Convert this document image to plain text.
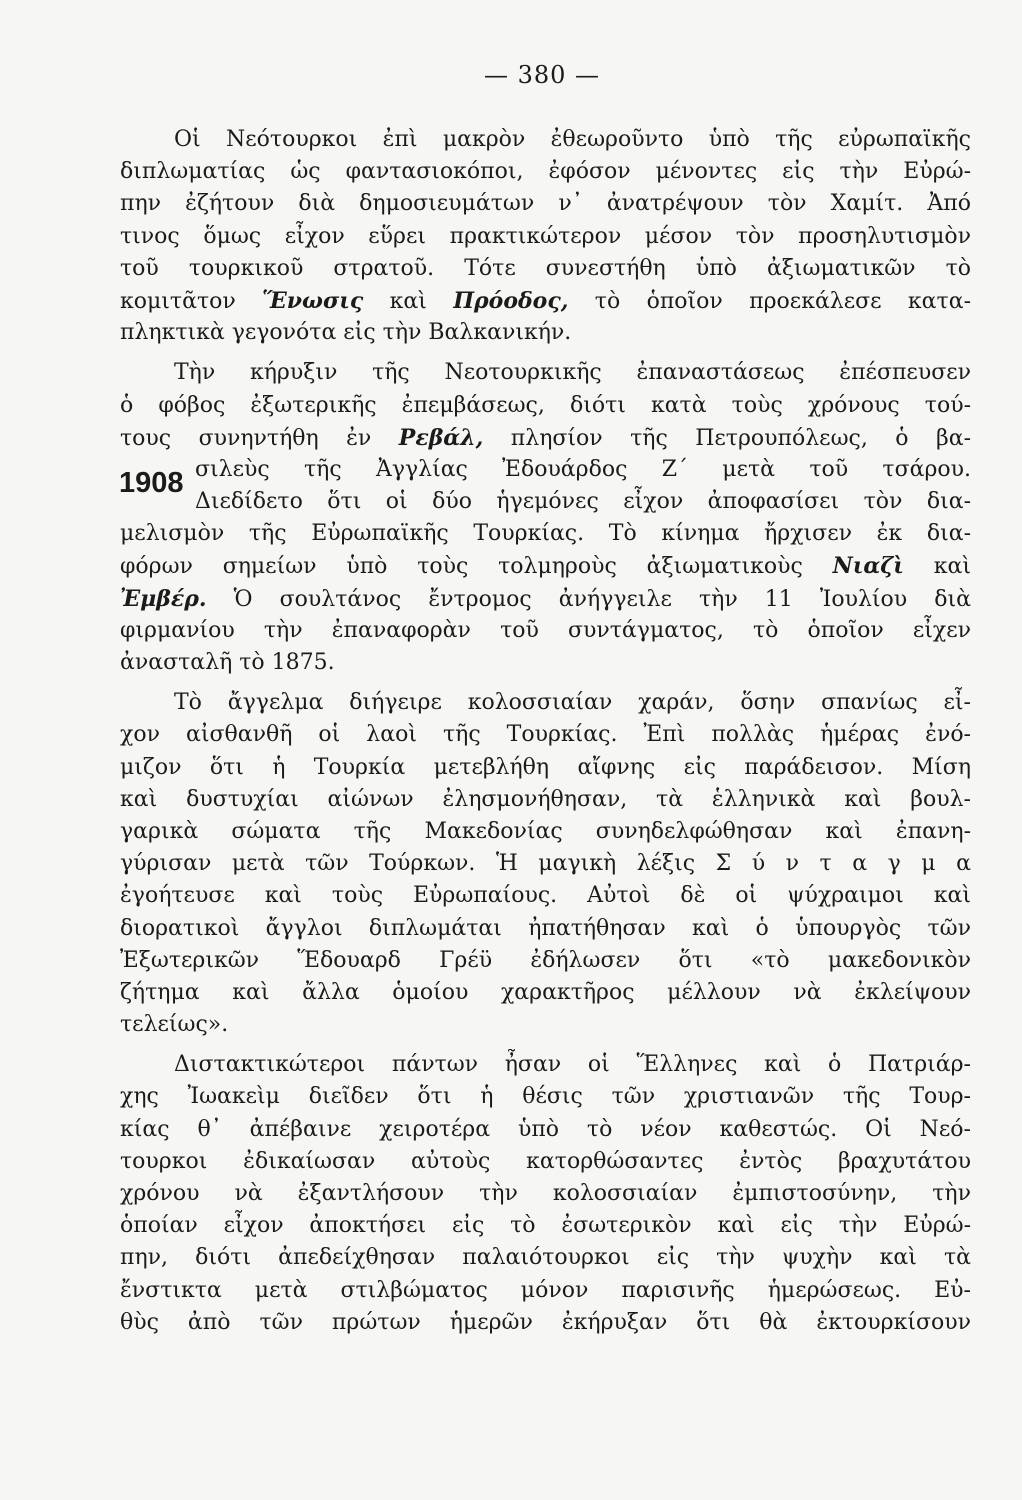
— 380 —
1908
Οἱ Νεότουρκοι ἐπὶ μακρὸν ἐθεωροῦντο ὑπὸ τῆς εὐρωπαϊκῆς
διπλωματίας ὡς φαντασιοκόποι, ἐφόσον μένοντες εἰς τὴν Εὐρώ-
πην ἐζήτουν διὰ δημοσιευμάτων ν᾿ ἀνατρέψουν τὸν Χαμίτ. Ἀπό
τινος ὅμως εἶχον εὕρει πρακτικώτερον μέσον τὸν προσηλυτισμὸν
τοῦ τουρκικοῦ στρατοῦ. Τότε συνεστήθη ὑπὸ ἀξιωματικῶν τὸ
κομιτᾶτον Ἕνωσις καὶ Πρόοδος, τὸ ὁποῖον προεκάλεσε κατα-
πληκτικὰ γεγονότα εἰς τὴν Βαλκανικήν.
Τὴν κήρυξιν τῆς Νεοτουρκικῆς ἐπαναστάσεως ἐπέσπευσεν
ὁ φόβος ἐξωτερικῆς ἐπεμβάσεως, διότι κατὰ τοὺς χρόνους τού-
τους συνηντήθη ἐν Ρεβάλ, πλησίον τῆς Πετρουπόλεως, ὁ βα-
σιλεὺς τῆς Ἀγγλίας Ἐδουάρδος Ζ΄ μετὰ τοῦ τσάρου.
Διεδίδετο ὅτι οἱ δύο ἡγεμόνες εἶχον ἀποφασίσει τὸν δια-
μελισμὸν τῆς Εὐρωπαϊκῆς Τουρκίας. Τὸ κίνημα ἤρχισεν ἐκ δια-
φόρων σημείων ὑπὸ τοὺς τολμηροὺς ἀξιωματικοὺς Νιαζὶ καὶ
Ἐμβέρ. Ὁ σουλτάνος ἔντρομος ἀνήγγειλε τὴν 11 Ἰουλίου διὰ
φιρμανίου τὴν ἐπαναφορὰν τοῦ συντάγματος, τὸ ὁποῖον εἶχεν
ἀνασταλῆ τὸ 1875.
Τὸ ἄγγελμα διήγειρε κολοσσιαίαν χαράν, ὅσην σπανίως εἶ-
χον αἰσθανθῆ οἱ λαοὶ τῆς Τουρκίας. Ἐπὶ πολλὰς ἡμέρας ἐνό-
μιζον ὅτι ἡ Τουρκία μετεβλήθη αἴφνης εἰς παράδεισον. Μίση
καὶ δυστυχίαι αἰώνων ἐλησμονήθησαν, τὰ ἑλληνικὰ καὶ βουλ-
γαρικὰ σώματα τῆς Μακεδονίας συνηδελφώθησαν καὶ ἐπανη-
γύρισαν μετὰ τῶν Τούρκων. Ἡ μαγικὴ λέξις Σ ύ ν τ α γ μ α
ἐγοήτευσε καὶ τοὺς Εὐρωπαίους. Αὐτοὶ δὲ οἱ ψύχραιμοι καὶ
διορατικοὶ ἄγγλοι διπλωμάται ἠπατήθησαν καὶ ὁ ὑπουργὸς τῶν
Ἐξωτερικῶν Ἕδουαρδ Γρέϋ ἐδήλωσεν ὅτι «τὸ μακεδονικὸν
ζήτημα καὶ ἄλλα ὁμοίου χαρακτῆρος μέλλουν νὰ ἐκλείψουν
τελείως».
Διστακτικώτεροι πάντων ἦσαν οἱ Ἕλληνες καὶ ὁ Πατριάρ-
χης Ἰωακεὶμ διεῖδεν ὅτι ἡ θέσις τῶν χριστιανῶν τῆς Τουρ-
κίας θ᾿ ἀπέβαινε χειροτέρα ὑπὸ τὸ νέον καθεστώς. Οἱ Νεό-
τουρκοι ἐδικαίωσαν αὐτοὺς κατορθώσαντες ἐντὸς βραχυτάτου
χρόνου νὰ ἐξαντλήσουν τὴν κολοσσιαίαν ἐμπιστοσύνην, τὴν
ὁποίαν εἶχον ἀποκτήσει εἰς τὸ ἐσωτερικὸν καὶ εἰς τὴν Εὐρώ-
πην, διότι ἀπεδείχθησαν παλαιότουρκοι εἰς τὴν ψυχὴν καὶ τὰ
ἔνστικτα μετὰ στιλβώματος μόνον παρισινῆς ἡμερώσεως. Εὐ-
θὺς ἀπὸ τῶν πρώτων ἡμερῶν ἐκήρυξαν ὅτι θὰ ἐκτουρκίσουν
